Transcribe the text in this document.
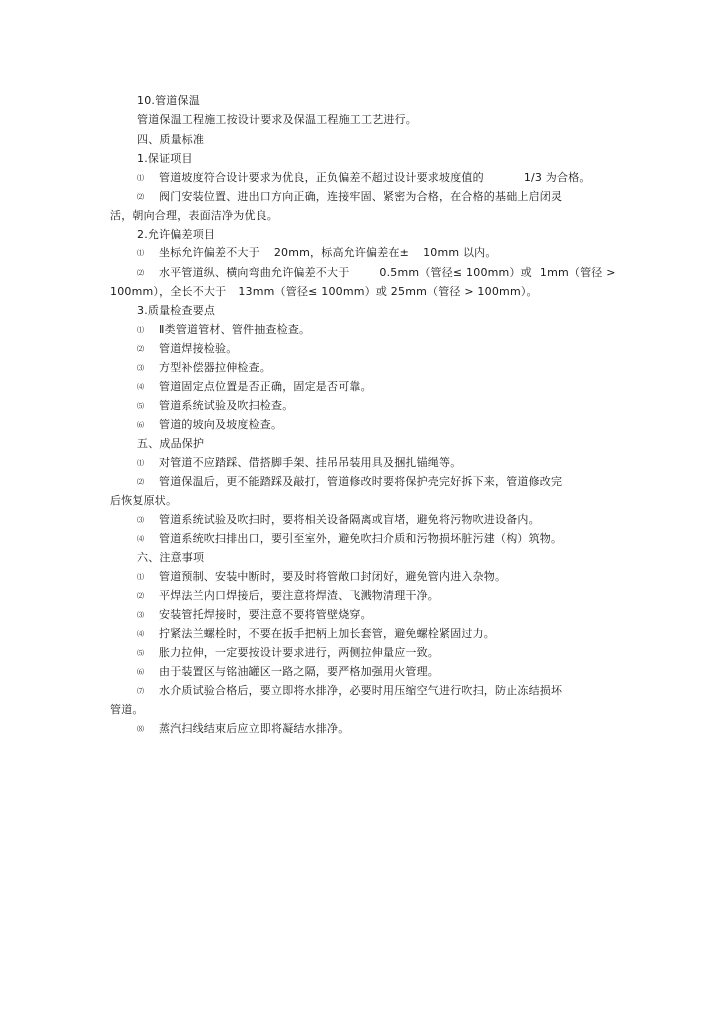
10.管道保温
管道保温工程施工按设计要求及保温工程施工工艺进行。
四、质量标准
1.保证项目
⑴ 管道坡度符合设计要求为优良，正负偏差不超过设计要求坡度值的	1/3 为合格。
⑵ 阀门安装位置、进出口方向正确，连接牢固、紧密为合格，在合格的基础上启闭灵
活，朝向合理，表面洁净为优良。
2.允许偏差项目
⑴ 坐标允许偏差不大于 20mm，标高允许偏差在± 10mm 以内。
⑵ 水平管道纵、横向弯曲允许偏差不大于	0.5mm（管径≤ 100mm）或 1mm（管径 >
100mm），全长不大于 13mm（管径≤ 100mm）或 25mm（管径 > 100mm）。
3.质量检查要点
⑴ Ⅱ类管道管材、管件抽查检查。
⑵ 管道焊接检验。
⑶ 方型补偿器拉伸检查。
⑷ 管道固定点位置是否正确，固定是否可靠。
⑸ 管道系统试验及吹扫检查。
⑹ 管道的坡向及坡度检查。
五、成品保护
⑴ 对管道不应踏踩、借搭脚手架、挂吊吊装用具及捆扎锚绳等。
⑵ 管道保温后，更不能踏踩及敲打，管道修改时要将保护壳完好拆下来，管道修改完
后恢复原状。
⑶ 管道系统试验及吹扫时，要将相关设备隔离或盲堵，避免将污物吹进设备内。
⑷ 管道系统吹扫排出口，要引至室外，避免吹扫介质和污物损坏脏污建（构）筑物。
六、注意事项
⑴ 管道预制、安装中断时，要及时将管敞口封闭好，避免管内进入杂物。
⑵ 平焊法兰内口焊接后，要注意将焊渣、飞溅物清理干净。
⑶ 安装管托焊接时，要注意不要将管壁烧穿。
⑷ 拧紧法兰螺栓时，不要在扳手把柄上加长套管，避免螺栓紧固过力。
⑸ 胀力拉伸，一定要按设计要求进行，两侧拉伸量应一致。
⑹ 由于装置区与铭油罐区一路之隔，要严格加强用火管理。
⑺ 水介质试验合格后，要立即将水排净，必要时用压缩空气进行吹扫，防止冻结损坏
管道。
⑻ 蒸汽扫线结束后应立即将凝结水排净。
